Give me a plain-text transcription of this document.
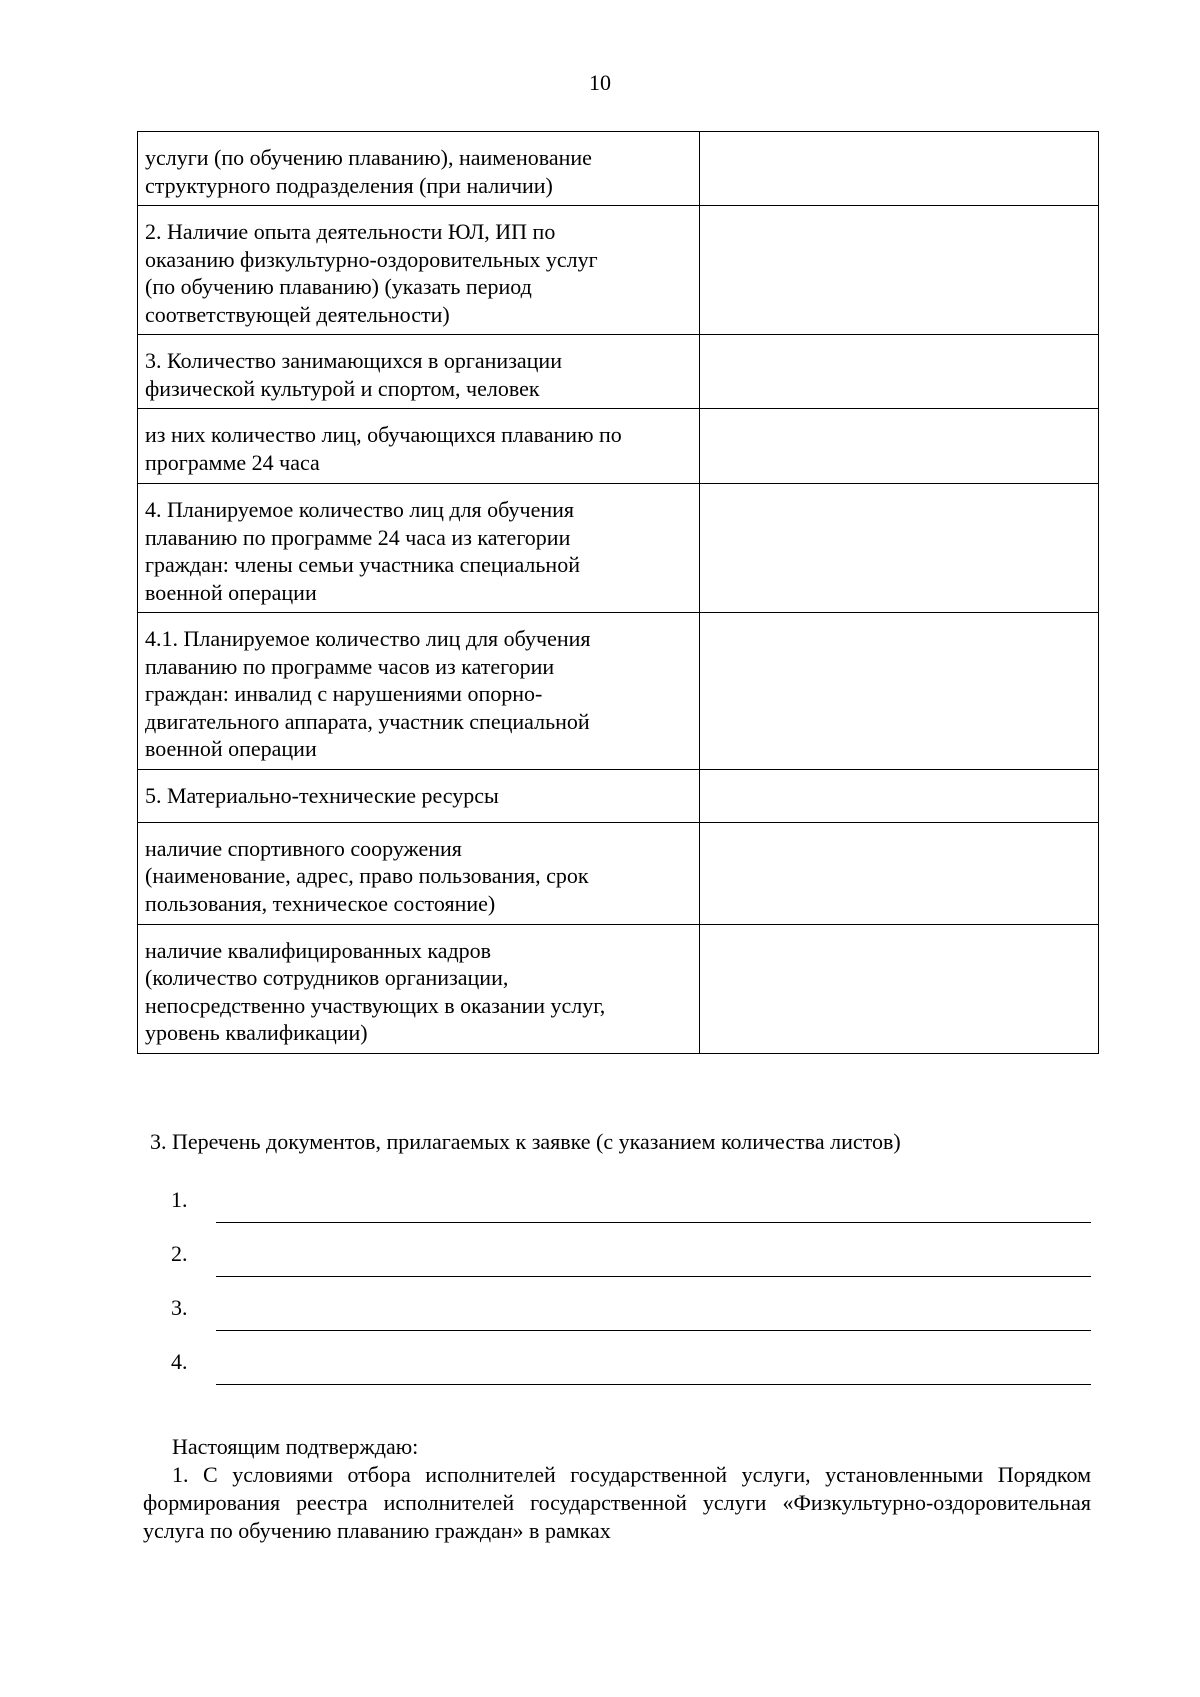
10
услуги (по обучению плаванию), наименование
структурного подразделения (при наличии)	
2. Наличие опыта деятельности ЮЛ, ИП по
оказанию физкультурно-оздоровительных услуг
(по обучению плаванию) (указать период
соответствующей деятельности)	
3. Количество занимающихся в организации
физической культурой и спортом, человек	
из них количество лиц, обучающихся плаванию по
программе 24 часа	
4. Планируемое количество лиц для обучения
плаванию по программе 24 часа из категории
граждан: члены семьи участника специальной
военной операции	
4.1. Планируемое количество лиц для обучения
плаванию по программе часов из категории
граждан: инвалид с нарушениями опорно-
двигательного аппарата, участник специальной
военной операции	
5. Материально-технические ресурсы	
наличие спортивного сооружения
(наименование, адрес, право пользования, срок
пользования, техническое состояние)	
наличие квалифицированных кадров
(количество сотрудников организации,
непосредственно участвующих в оказании услуг,
уровень квалификации)	
3. Перечень документов, прилагаемых к заявке (с указанием количества листов)
1.
2.
3.
4.
Настоящим подтверждаю:

1. С условиями отбора исполнителей государственной услуги, установленными Порядком формирования реестра исполнителей государственной услуги «Физкультурно-оздоровительная услуга по обучению плаванию граждан» в рамках
